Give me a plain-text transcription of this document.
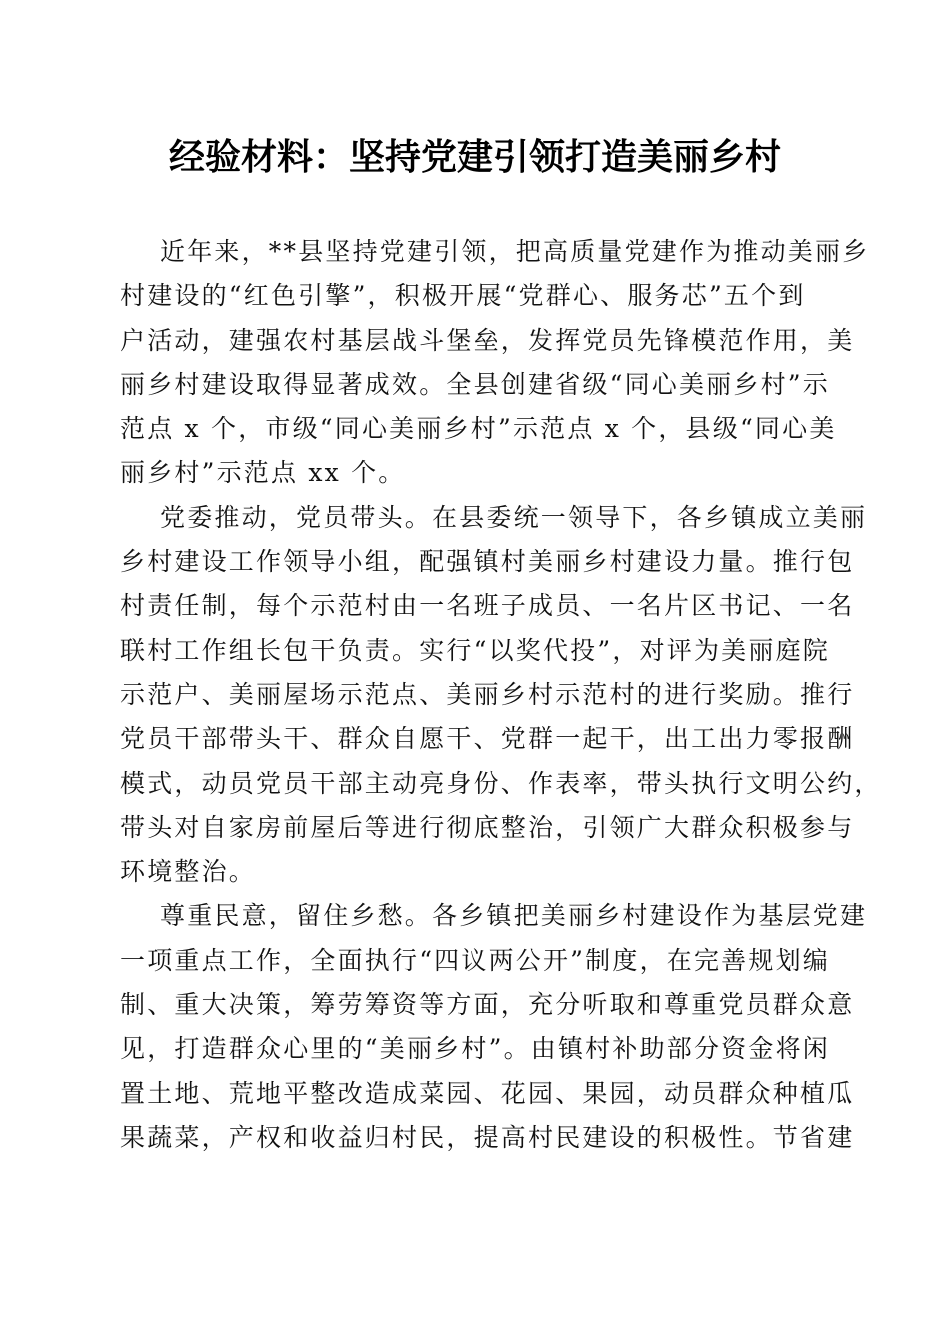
经验材料：坚持党建引领打造美丽乡村
近年来，**县坚持党建引领，把高质量党建作为推动美丽乡
村建设的“红色引擎”，积极开展“党群心、服务芯”五个到
户活动，建强农村基层战斗堡垒，发挥党员先锋模范作用，美
丽乡村建设取得显著成效。全县创建省级“同心美丽乡村”示
范点 x 个，市级“同心美丽乡村”示范点 x 个，县级“同心美
丽乡村”示范点 xx 个。
党委推动，党员带头。在县委统一领导下，各乡镇成立美丽
乡村建设工作领导小组，配强镇村美丽乡村建设力量。推行包
村责任制，每个示范村由一名班子成员、一名片区书记、一名
联村工作组长包干负责。实行“以奖代投”，对评为美丽庭院
示范户、美丽屋场示范点、美丽乡村示范村的进行奖励。推行
党员干部带头干、群众自愿干、党群一起干，出工出力零报酬
模式，动员党员干部主动亮身份、作表率，带头执行文明公约，
带头对自家房前屋后等进行彻底整治，引领广大群众积极参与
环境整治。
尊重民意，留住乡愁。各乡镇把美丽乡村建设作为基层党建
一项重点工作，全面执行“四议两公开”制度，在完善规划编
制、重大决策，筹劳筹资等方面，充分听取和尊重党员群众意
见，打造群众心里的“美丽乡村”。由镇村补助部分资金将闲
置土地、荒地平整改造成菜园、花园、果园，动员群众种植瓜
果蔬菜，产权和收益归村民，提高村民建设的积极性。节省建
